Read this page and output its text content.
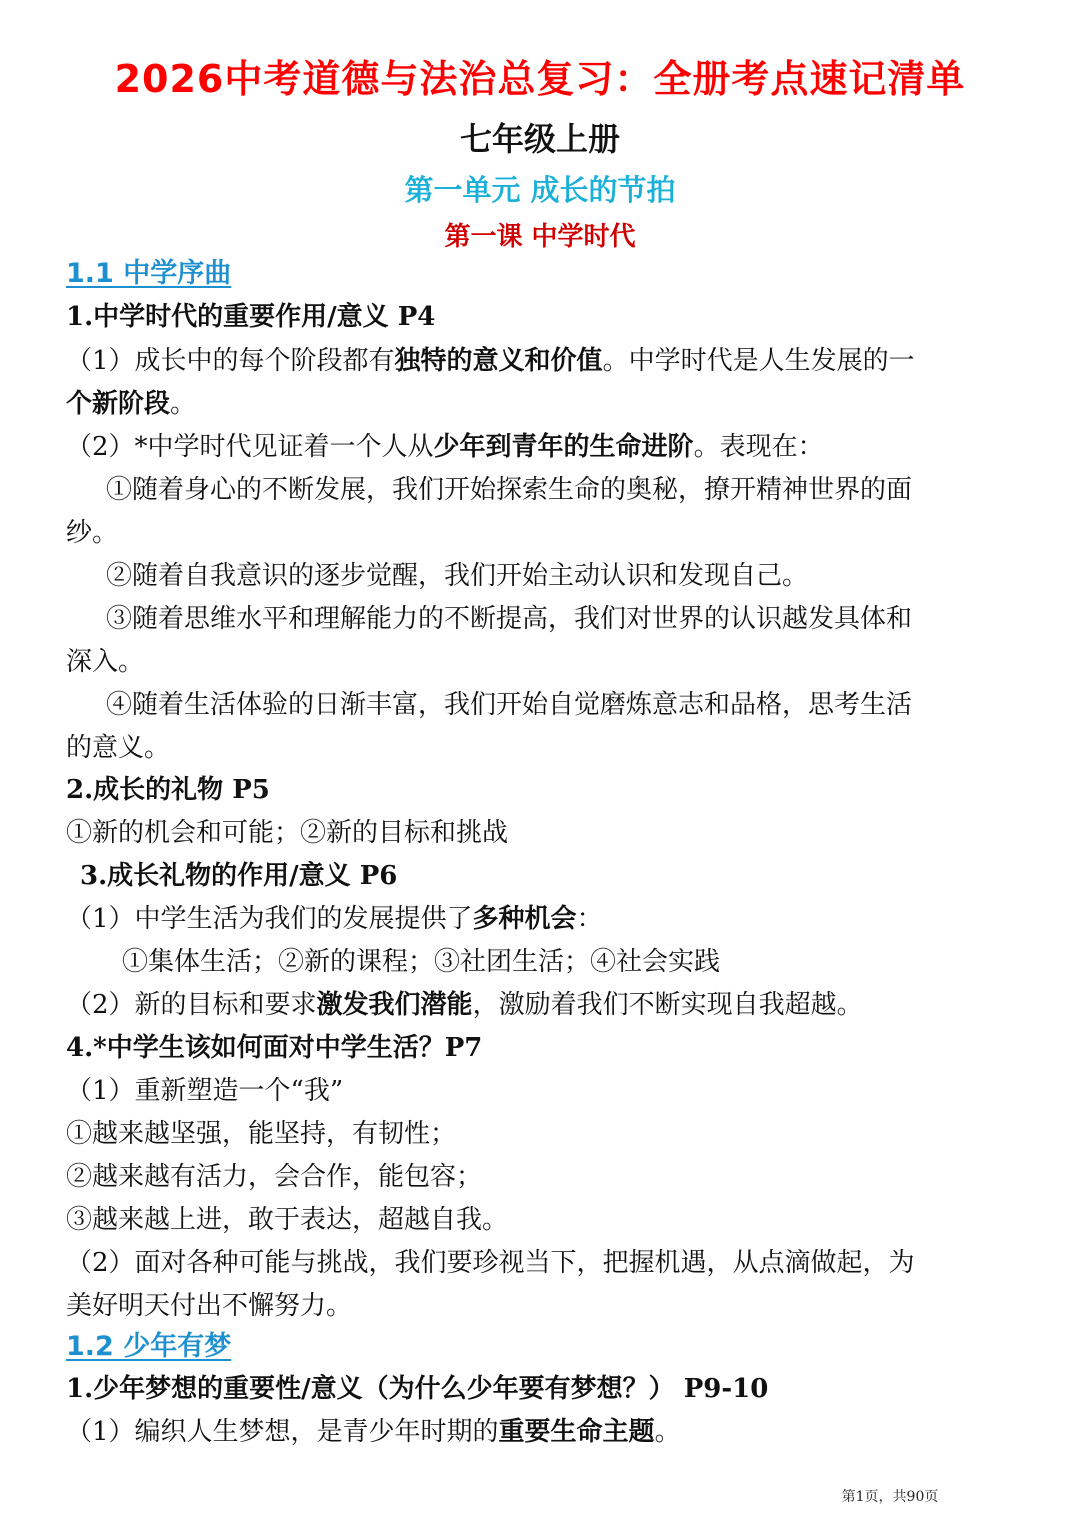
2026中考道德与法治总复习：全册考点速记清单
七年级上册
第一单元 成长的节拍
第一课 中学时代
1.1 中学序曲
1.中学时代的重要作用/意义 P4
（1）成长中的每个阶段都有独特的意义和价值。中学时代是人生发展的一
个新阶段。
（2）*中学时代见证着一个人从少年到青年的生命进阶。表现在：
①随着身心的不断发展，我们开始探索生命的奥秘，撩开精神世界的面
纱。
②随着自我意识的逐步觉醒，我们开始主动认识和发现自己。
③随着思维水平和理解能力的不断提高，我们对世界的认识越发具体和
深入。
④随着生活体验的日渐丰富，我们开始自觉磨炼意志和品格，思考生活
的意义。
2.成长的礼物 P5
①新的机会和可能；②新的目标和挑战
3.成长礼物的作用/意义 P6
（1）中学生活为我们的发展提供了多种机会：
①集体生活；②新的课程；③社团生活；④社会实践
（2）新的目标和要求激发我们潜能，激励着我们不断实现自我超越。
4.*中学生该如何面对中学生活？P7
（1）重新塑造一个“我”
①越来越坚强，能坚持，有韧性；
②越来越有活力，会合作，能包容；
③越来越上进，敢于表达，超越自我。
（2）面对各种可能与挑战，我们要珍视当下，把握机遇，从点滴做起，为
美好明天付出不懈努力。
1.2 少年有梦
1.少年梦想的重要性/意义（为什么少年要有梦想？） P9-10
（1）编织人生梦想，是青少年时期的重要生命主题。
第1页，共90页
